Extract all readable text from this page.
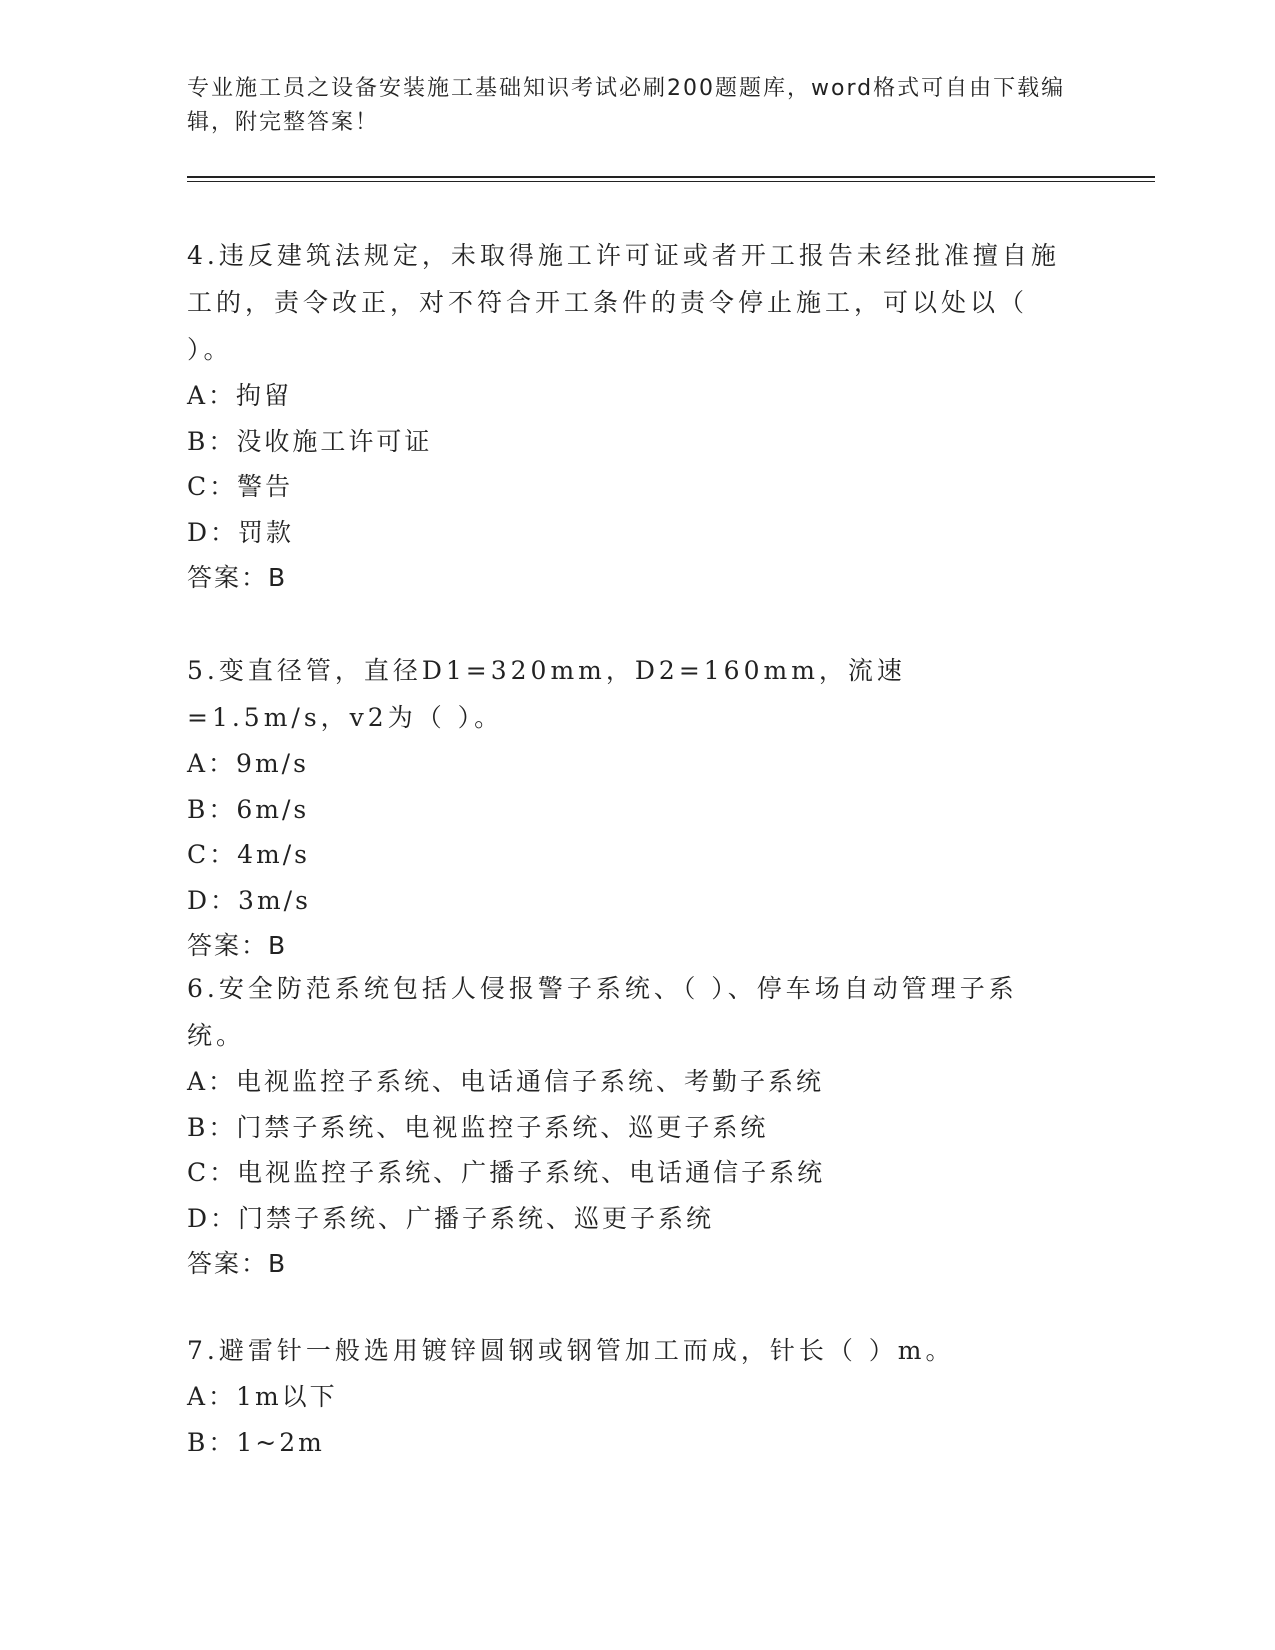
专业施工员之设备安装施工基础知识考试必刷200题题库，word格式可自由下载编辑，附完整答案！
4.违反建筑法规定，未取得施工许可证或者开工报告未经批准擅自施工的，责令改正，对不符合开工条件的责令停止施工，可以处以（ ）。
A：拘留
B：没收施工许可证
C：警告
D：罚款
答案：B
5.变直径管，直径D1=320mm，D2=160mm，流速=1.5m/s，v2为（ ）。
A：9m/s
B：6m/s
C：4m/s
D：3m/s
答案：B
6.安全防范系统包括人侵报警子系统、（ ）、停车场自动管理子系统。
A：电视监控子系统、电话通信子系统、考勤子系统
B：门禁子系统、电视监控子系统、巡更子系统
C：电视监控子系统、广播子系统、电话通信子系统
D：门禁子系统、广播子系统、巡更子系统
答案：B
7.避雷针一般选用镀锌圆钢或钢管加工而成，针长（ ）m。
A：1m以下
B：1~2m
